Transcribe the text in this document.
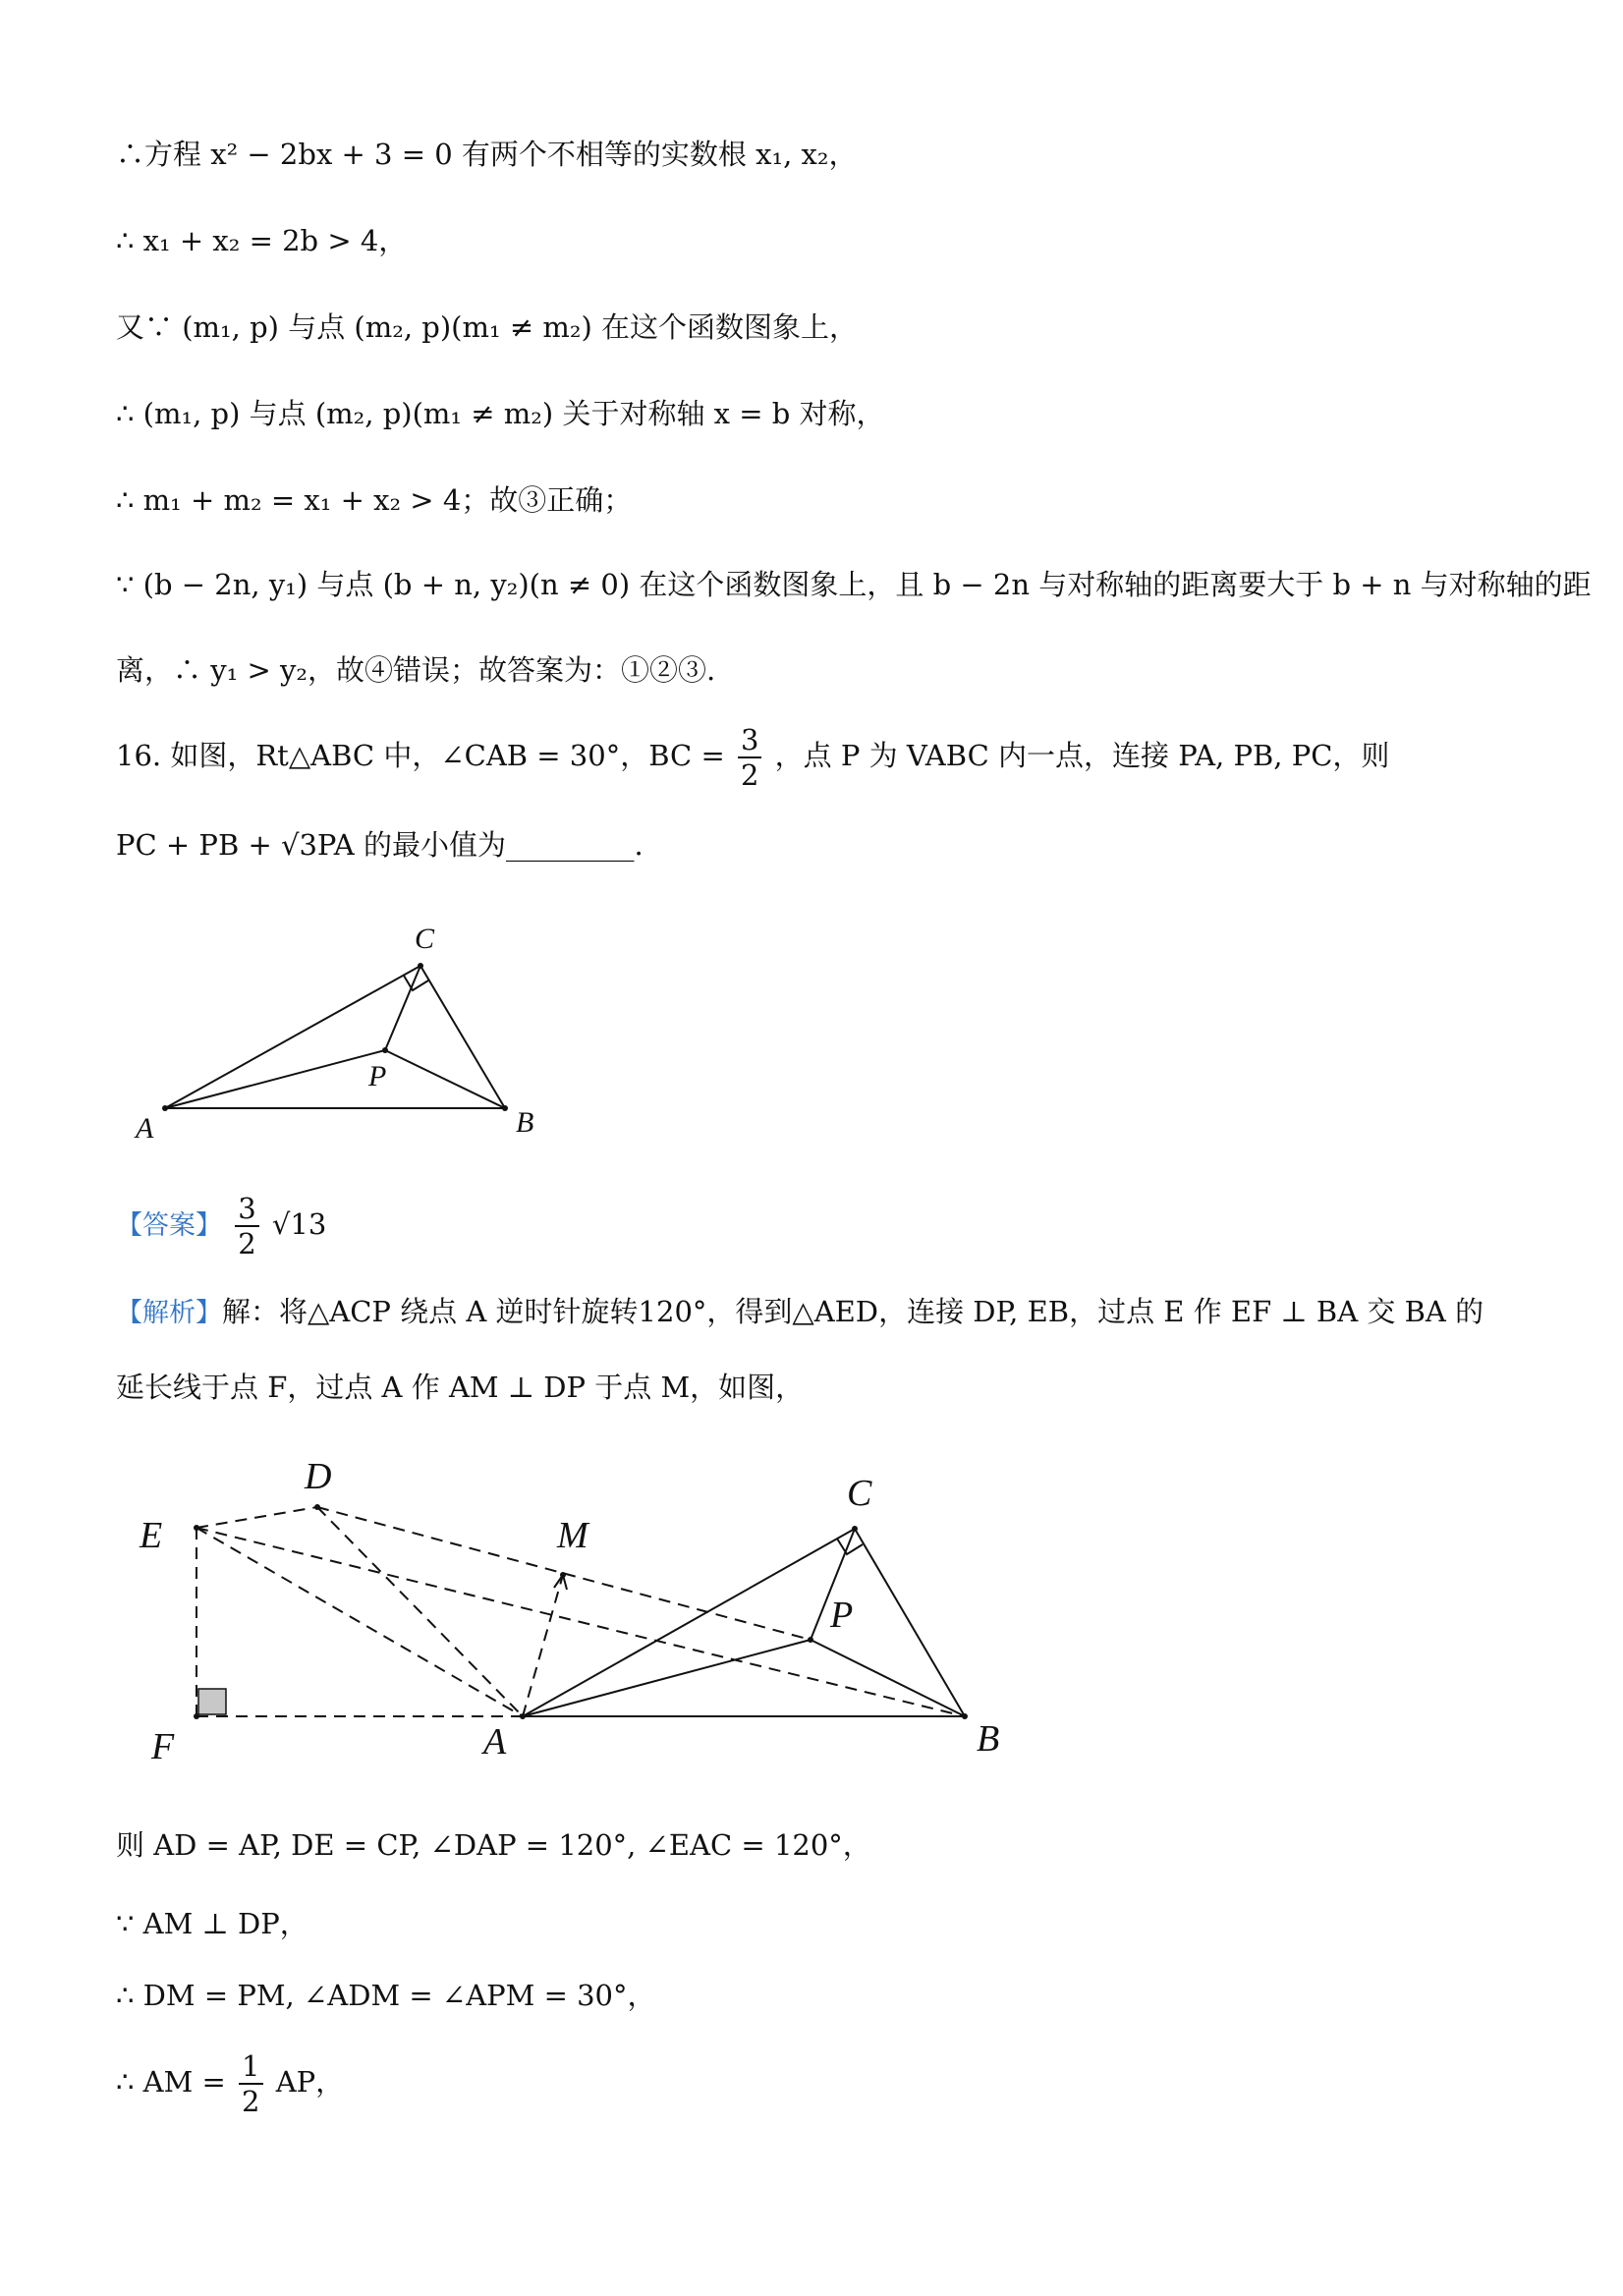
∴方程 x² − 2bx + 3 = 0 有两个不相等的实数根 x₁, x₂，
∴ x₁ + x₂ = 2b > 4，
又∵ (m₁, p) 与点 (m₂, p)(m₁ ≠ m₂) 在这个函数图象上，
∴ (m₁, p) 与点 (m₂, p)(m₁ ≠ m₂) 关于对称轴 x = b 对称，
∴ m₁ + m₂ = x₁ + x₂ > 4；故③正确；
∵ (b − 2n, y₁) 与点 (b + n, y₂)(n ≠ 0) 在这个函数图象上，且 b − 2n 与对称轴的距离要大于 b + n 与对称轴的距
离，∴ y₁ > y₂，故④错误；故答案为：①②③.
16. 如图，Rt△ABC 中，∠CAB = 30°，BC = $\frac{3}{2}$ ，点 P 为 VABC 内一点，连接 PA, PB, PC，则
PC + PB + √3PA 的最小值为_________.
C
P
A	B
【答案】 $\frac{3}{2} √13$
【解析】解：将△ACP 绕点 A 逆时针旋转120°，得到△AED，连接 DP, EB，过点 E 作 EF ⊥ BA 交 BA 的
延长线于点 F，过点 A 作 AM ⊥ DP 于点 M，如图，
D
E	M
C
P
F	A	B
则 AD = AP, DE = CP, ∠DAP = 120°, ∠EAC = 120°，
∵ AM ⊥ DP，
∴ DM = PM, ∠ADM = ∠APM = 30°，
∴ AM = $\frac{1}{2}$ AP，
